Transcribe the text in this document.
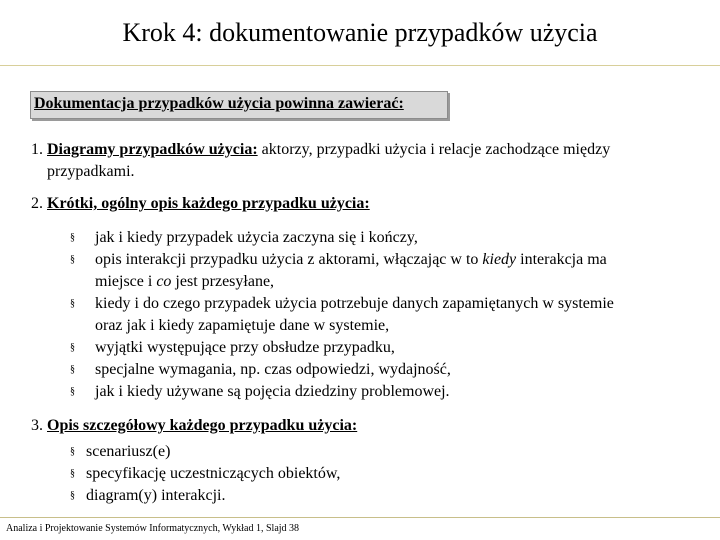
Krok 4: dokumentowanie przypadków użycia
Dokumentacja przypadków użycia powinna zawierać:
1. Diagramy przypadków użycia: aktorzy, przypadki użycia i relacje zachodzące między
przypadkami.
2. Krótki, ogólny opis każdego przypadku użycia:
§ jak i kiedy przypadek użycia zaczyna się i kończy,
§ opis interakcji przypadku użycia z aktorami, włączając w to kiedy interakcja ma
miejsce i co jest przesyłane,
§ kiedy i do czego przypadek użycia potrzebuje danych zapamiętanych w systemie
oraz jak i kiedy zapamiętuje dane w systemie,
§ wyjątki występujące przy obsłudze przypadku,
§ specjalne wymagania, np. czas odpowiedzi, wydajność,
§ jak i kiedy używane są pojęcia dziedziny problemowej.
3. Opis szczegółowy każdego przypadku użycia:
§ scenariusz(e)
§ specyfikację uczestniczących obiektów,
§ diagram(y) interakcji.
Analiza i Projektowanie Systemów Informatycznych, Wykład 1, Slajd 38
